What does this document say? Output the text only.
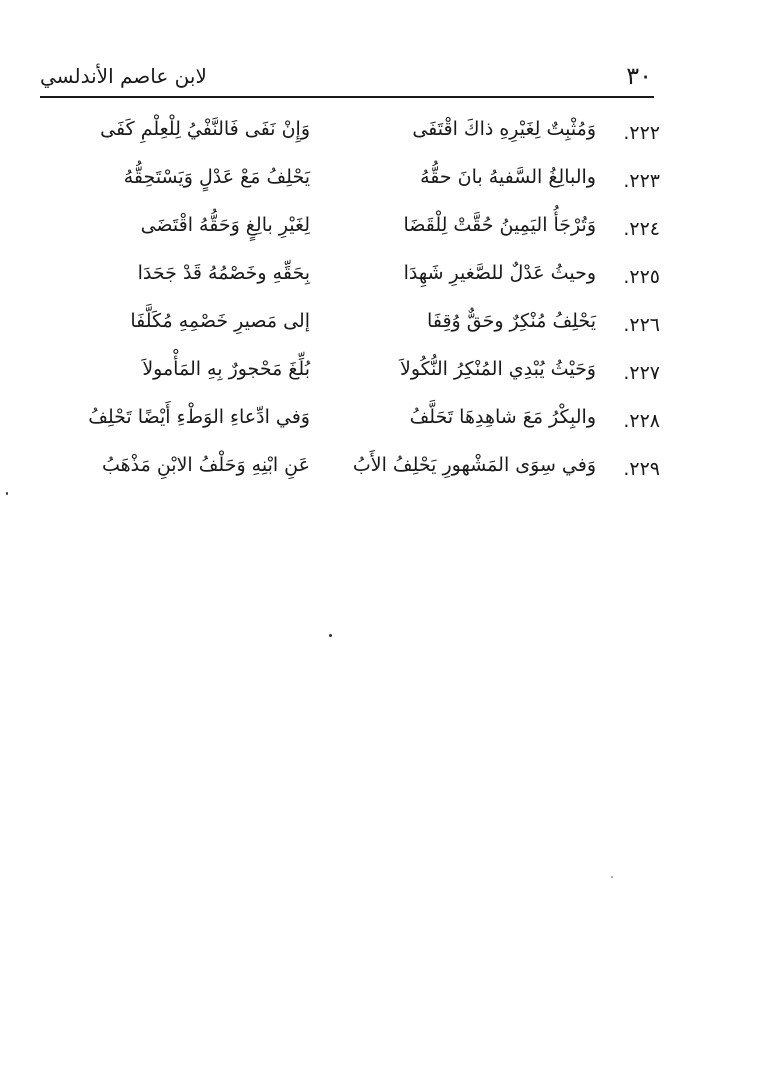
٣٠
لابن عاصم الأندلسي
٢٢٢.
وَمُثْبِتٌ لِغَيْرِهِ ذاكَ اقْتَفَى
وَإِنْ نَفَى فَالنَّفْيُ لِلْعِلْمِ كَفَى
٢٢٣.
والبالِغُ السَّفيهُ بانَ حقُّهُ
يَحْلِفُ مَعْ عَدْلٍ وَيَسْتَحِقُّهُ
٢٢٤.
وَتُرْجَأُ اليَمِينُ حُقَّتْ لِلْقَضَا
لِغَيْرِ بالِغٍ وَحَقُّهُ اقْتَضَى
٢٢٥.
وحيثُ عَدْلٌ للصَّغيرِ شَهِدَا
بِحَقِّهِ وخَصْمُهُ قَدْ جَحَدَا
٢٢٦.
يَحْلِفُ مُنْكِرٌ وحَقٌّ وُقِفَا
إلى مَصيرِ خَصْمِهِ مُكَلَّفَا
٢٢٧.
وَحَيْثُ يُبْدِي المُنْكِرُ النُّكُولاَ
بُلِّغَ مَحْجورٌ بِهِ المَأْمولاَ
٢٢٨.
والبِكْرُ مَعَ شاهِدِهَا تَحَلَّفُ
وَفي ادِّعاءِ الوَطْءِ أَيْضًا تَحْلِفُ
٢٢٩.
وَفي سِوَى المَشْهورِ يَحْلِفُ الأَبُ
عَنِ ابْنِهِ وَحَلْفُ الابْنِ مَذْهَبُ
